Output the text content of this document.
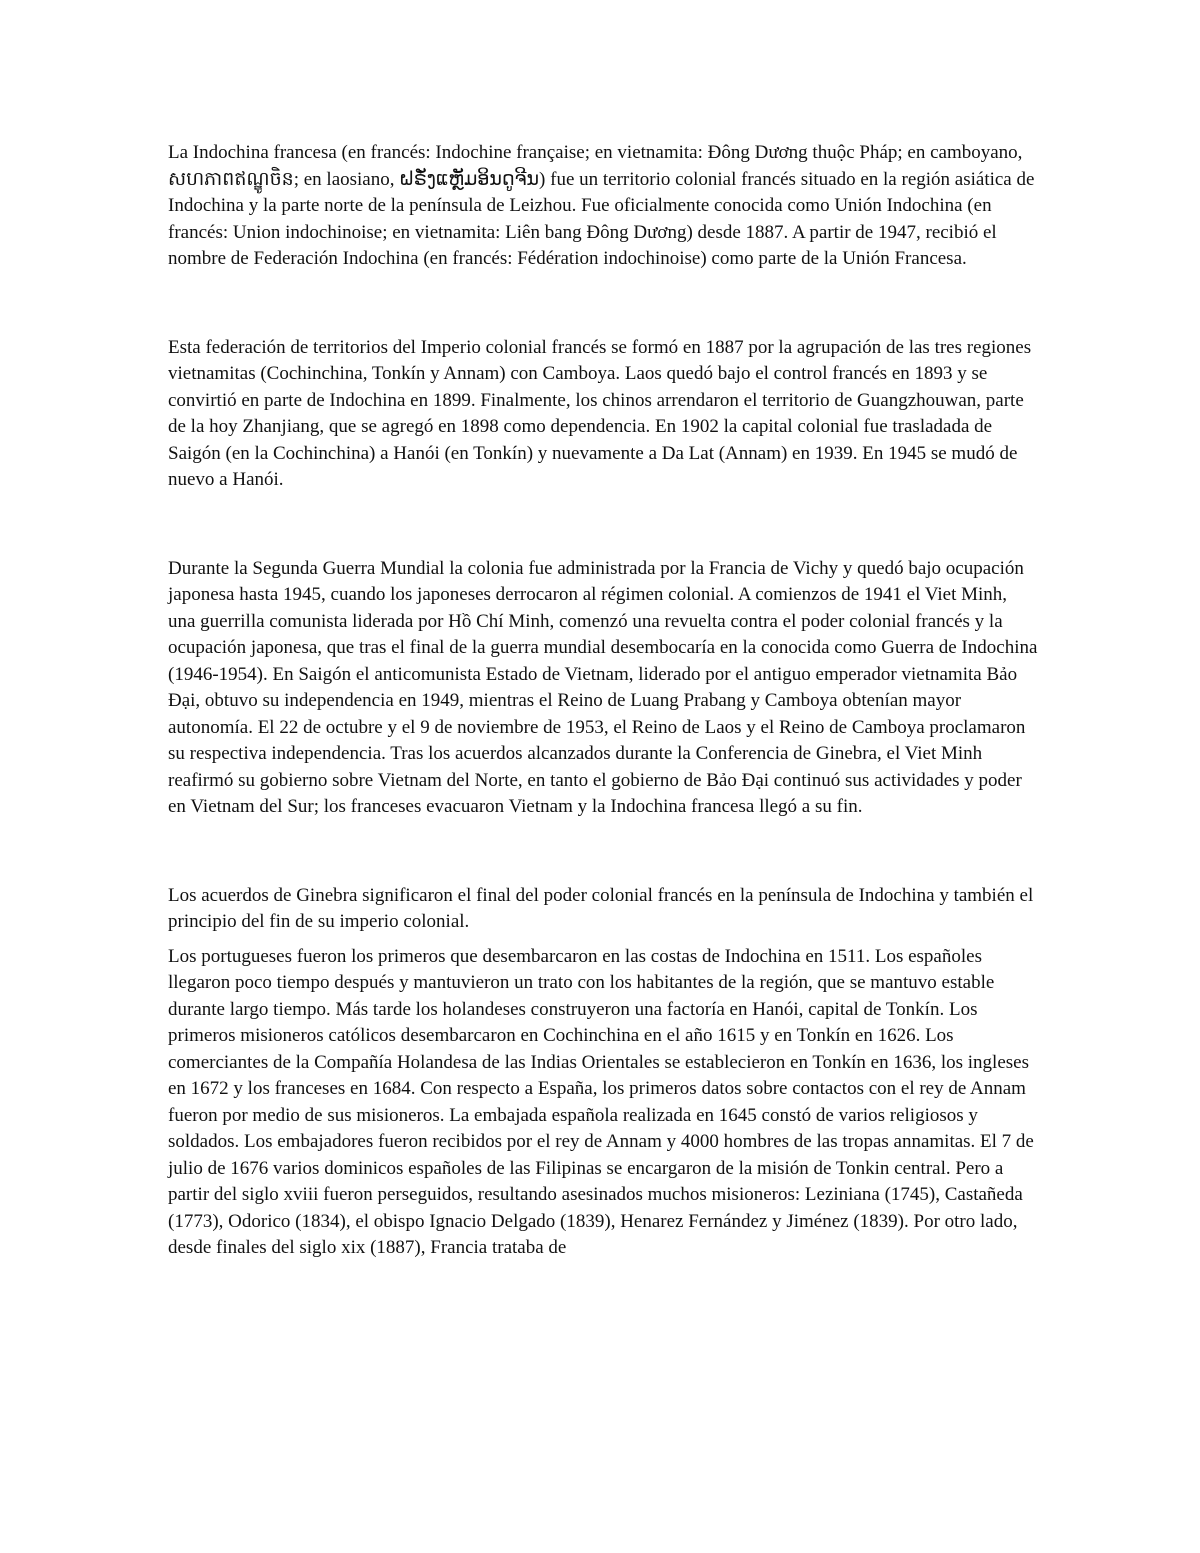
La Indochina francesa (en francés: Indochine française; en vietnamita: Đông Dương thuộc Pháp; en camboyano, សហភាពឥណ្ឌូចិន; en laosiano, ຝຣັ່ງແຫຼັມອິນດູຈີນ) fue un territorio colonial francés situado en la región asiática de Indochina y la parte norte de la península de Leizhou. Fue oficialmente conocida como Unión Indochina (en francés: Union indochinoise; en vietnamita: Liên bang Đông Dương) desde 1887. A partir de 1947, recibió el nombre de Federación Indochina (en francés: Fédération indochinoise) como parte de la Unión Francesa.

Esta federación de territorios del Imperio colonial francés se formó en 1887 por la agrupación de las tres regiones vietnamitas (Cochinchina, Tonkín y Annam) con Camboya. Laos quedó bajo el control francés en 1893 y se convirtió en parte de Indochina en 1899. Finalmente, los chinos arrendaron el territorio de Guangzhouwan, parte de la hoy Zhanjiang, que se agregó en 1898 como dependencia. En 1902 la capital colonial fue trasladada de Saigón (en la Cochinchina) a Hanói (en Tonkín) y nuevamente a Da Lat (Annam) en 1939. En 1945 se mudó de nuevo a Hanói.

Durante la Segunda Guerra Mundial la colonia fue administrada por la Francia de Vichy y quedó bajo ocupación japonesa hasta 1945, cuando los japoneses derrocaron al régimen colonial. A comienzos de 1941 el Viet Minh, una guerrilla comunista liderada por Hồ Chí Minh, comenzó una revuelta contra el poder colonial francés y la ocupación japonesa, que tras el final de la guerra mundial desembocaría en la conocida como Guerra de Indochina (1946-1954). En Saigón el anticomunista Estado de Vietnam, liderado por el antiguo emperador vietnamita Bảo Đại, obtuvo su independencia en 1949, mientras el Reino de Luang Prabang y Camboya obtenían mayor autonomía. El 22 de octubre y el 9 de noviembre de 1953, el Reino de Laos y el Reino de Camboya proclamaron su respectiva independencia. Tras los acuerdos alcanzados durante la Conferencia de Ginebra, el Viet Minh reafirmó su gobierno sobre Vietnam del Norte, en tanto el gobierno de Bảo Đại continuó sus actividades y poder en Vietnam del Sur; los franceses evacuaron Vietnam y la Indochina francesa llegó a su fin.

Los acuerdos de Ginebra significaron el final del poder colonial francés en la península de Indochina y también el principio del fin de su imperio colonial.

Los portugueses fueron los primeros que desembarcaron en las costas de Indochina en 1511. Los españoles llegaron poco tiempo después y mantuvieron un trato con los habitantes de la región, que se mantuvo estable durante largo tiempo. Más tarde los holandeses construyeron una factoría en Hanói, capital de Tonkín. Los primeros misioneros católicos desembarcaron en Cochinchina en el año 1615 y en Tonkín en 1626. Los comerciantes de la Compañía Holandesa de las Indias Orientales se establecieron en Tonkín en 1636, los ingleses en 1672 y los franceses en 1684. Con respecto a España, los primeros datos sobre contactos con el rey de Annam fueron por medio de sus misioneros. La embajada española realizada en 1645 constó de varios religiosos y soldados. Los embajadores fueron recibidos por el rey de Annam y 4000 hombres de las tropas annamitas. El 7 de julio de 1676 varios dominicos españoles de las Filipinas se encargaron de la misión de Tonkin central. Pero a partir del siglo xviii fueron perseguidos, resultando asesinados muchos misioneros: Leziniana (1745), Castañeda (1773), Odorico (1834), el obispo Ignacio Delgado (1839), Henarez Fernández y Jiménez (1839). Por otro lado, desde finales del siglo xix (1887), Francia trataba de
